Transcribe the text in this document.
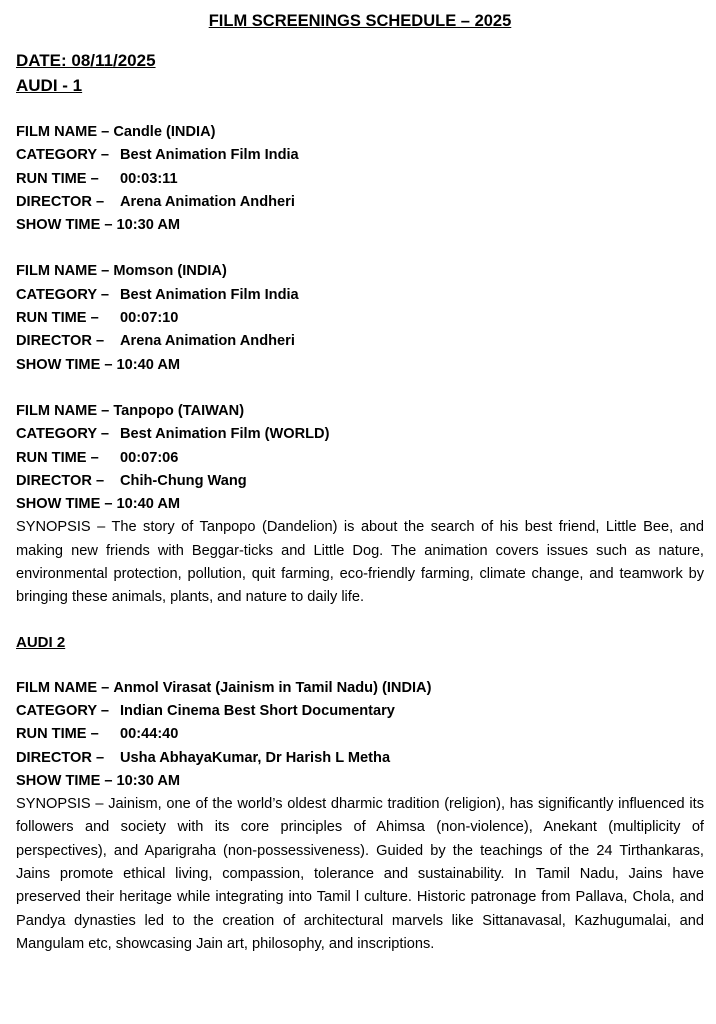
FILM SCREENINGS SCHEDULE – 2025
DATE: 08/11/2025
AUDI - 1
FILM NAME –
Candle (INDIA)
CATEGORY – Best Animation Film India
RUN TIME –	00:03:11
DIRECTOR –	Arena Animation Andheri
SHOW TIME –
10:30 AM
FILM NAME –
Momson (INDIA)
CATEGORY – Best Animation Film India
RUN TIME –	00:07:10
DIRECTOR –	Arena Animation Andheri
SHOW TIME –
10:40 AM
FILM NAME –
Tanpopo (TAIWAN)
CATEGORY – Best Animation Film (WORLD)
RUN TIME –	00:07:06
DIRECTOR –	Chih-Chung Wang
SHOW TIME –
10:40 AM

SYNOPSIS – The story of Tanpopo (Dandelion) is about the search of his best friend, Little Bee, and making new friends with Beggar-ticks and Little Dog. The animation covers issues such as nature, environmental protection, pollution, quit farming, eco-friendly farming, climate change, and teamwork by bringing these animals, plants, and nature to daily life.

AUDI 2
FILM NAME –
Anmol Virasat (Jainism in Tamil Nadu) (INDIA)
CATEGORY – Indian Cinema Best Short Documentary
RUN TIME –	00:44:40
DIRECTOR –	Usha AbhayaKumar, Dr Harish L Metha
SHOW TIME –
10:30 AM

SYNOPSIS – Jainism, one of the world’s oldest dharmic tradition (religion), has significantly influenced its followers and society with its core principles of Ahimsa (non-violence), Anekant (multiplicity of perspectives), and Aparigraha (non-possessiveness). Guided by the teachings of the 24 Tirthankaras, Jains promote ethical living, compassion, tolerance and sustainability. In Tamil Nadu, Jains have preserved their heritage while integrating into Tamil l culture. Historic patronage from Pallava, Chola, and Pandya dynasties led to the creation of architectural marvels like Sittanavasal, Kazhugumalai, and Mangulam etc, showcasing Jain art, philosophy, and inscriptions.
